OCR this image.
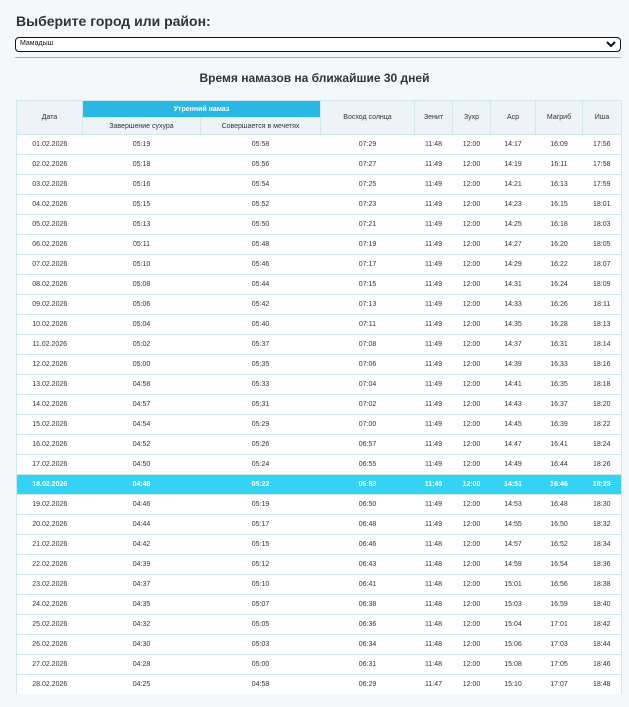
Выберите город или район:
Мамадыш
Время намазов на ближайшие 30 дней
Дата	Утренний намаз		Восход солнца	Зенит	Зухр	Аср	Магриб	Иша
	Завершение сухура	Совершается в мечетях						
01.02.2026	05:19	05:58	07:29	11:48	12:00	14:17	16:09	17:56
02.02.2026	05:18	05:56	07:27	11:49	12:00	14:19	16:11	17:58
03.02.2026	05:16	05:54	07:25	11:49	12:00	14:21	16:13	17:59
04.02.2026	05:15	05:52	07:23	11:49	12:00	14:23	16:15	18:01
05.02.2026	05:13	05:50	07:21	11:49	12:00	14:25	16:18	18:03
06.02.2026	05:11	05:48	07:19	11:49	12:00	14:27	16:20	18:05
07.02.2026	05:10	05:46	07:17	11:49	12:00	14:29	16:22	18:07
08.02.2026	05:08	05:44	07:15	11:49	12:00	14:31	16:24	18:09
09.02.2026	05:06	05:42	07:13	11:49	12:00	14:33	16:26	18:11
10.02.2026	05:04	05:40	07:11	11:49	12:00	14:35	16:28	18:13
11.02.2026	05:02	05:37	07:08	11:49	12:00	14:37	16:31	18:14
12.02.2026	05:00	05:35	07:06	11:49	12:00	14:39	16:33	18:16
13.02.2026	04:58	05:33	07:04	11:49	12:00	14:41	16:35	18:18
14.02.2026	04:57	05:31	07:02	11:49	12:00	14:43	16:37	18:20
15.02.2026	04:54	05:29	07:00	11:49	12:00	14:45	16:39	18:22
16.02.2026	04:52	05:26	06:57	11:49	12:00	14:47	16:41	18:24
17.02.2026	04:50	05:24	06:55	11:49	12:00	14:49	16:44	18:26
18.02.2026	04:48	05:22	06:53	11:49	12:00	14:51	16:46	18:28
19.02.2026	04:46	05:19	06:50	11:49	12:00	14:53	16:48	18:30
20.02.2026	04:44	05:17	06:48	11:49	12:00	14:55	16:50	18:32
21.02.2026	04:42	05:15	06:46	11:48	12:00	14:57	16:52	18:34
22.02.2026	04:39	05:12	06:43	11:48	12:00	14:59	16:54	18:36
23.02.2026	04:37	05:10	06:41	11:48	12:00	15:01	16:56	18:38
24.02.2026	04:35	05:07	06:38	11:48	12:00	15:03	16:59	18:40
25.02.2026	04:32	05:05	06:36	11:48	12:00	15:04	17:01	18:42
26.02.2026	04:30	05:03	06:34	11:48	12:00	15:06	17:03	18:44
27.02.2026	04:28	05:00	06:31	11:48	12:00	15:08	17:05	18:46
28.02.2026	04:25	04:58	06:29	11:47	12:00	15:10	17:07	18:48
